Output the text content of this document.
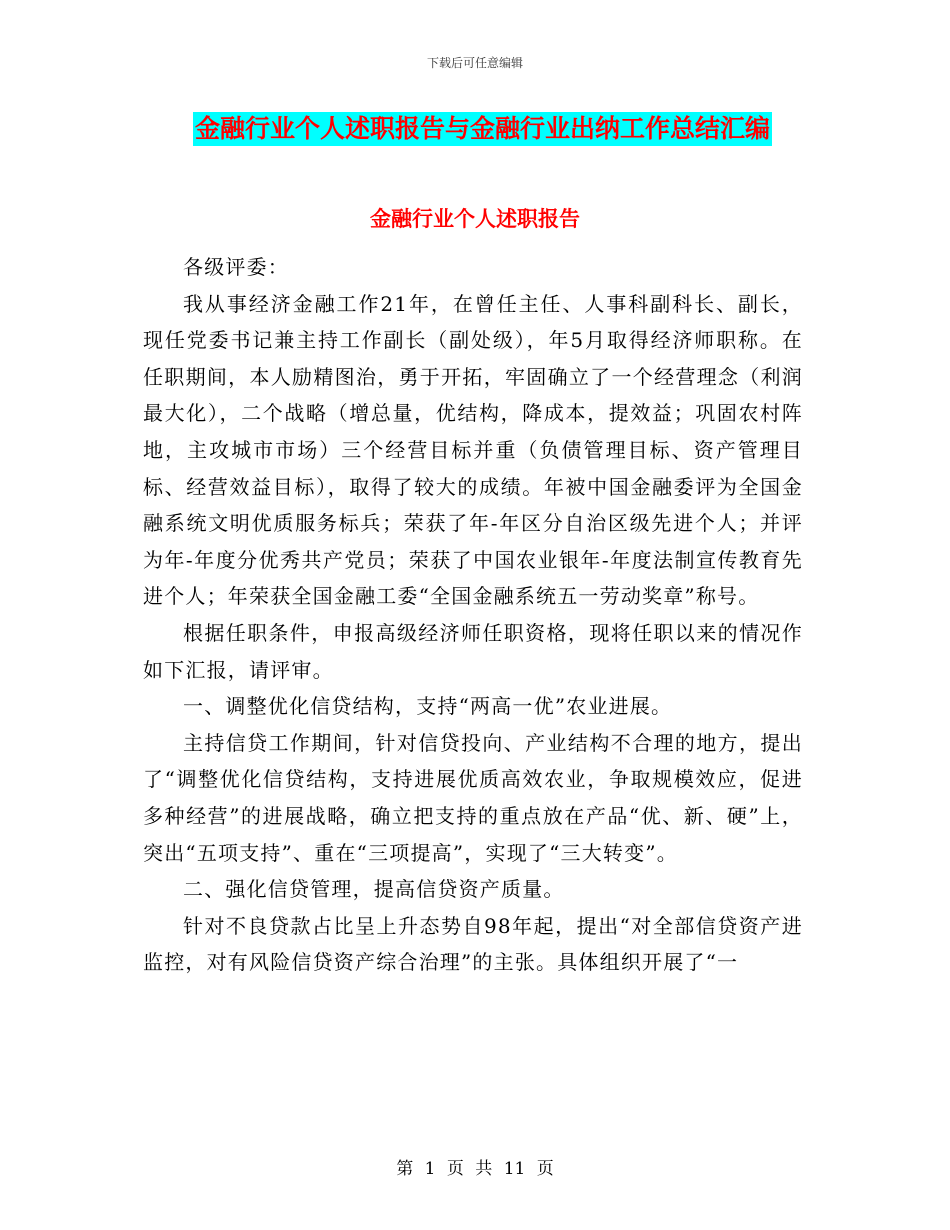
下载后可任意编辑
金融行业个人述职报告与金融行业出纳工作总结汇编
金融行业个人述职报告

各级评委：

我从事经济金融工作21年，在曾任主任、人事科副科长、副长，现任党委书记兼主持工作副长（副处级），年5月取得经济师职称。在任职期间，本人励精图治，勇于开拓，牢固确立了一个经营理念（利润最大化），二个战略（增总量，优结构，降成本，提效益；巩固农村阵地，主攻城市市场）三个经营目标并重（负债管理目标、资产管理目标、经营效益目标），取得了较大的成绩。年被中国金融委评为全国金融系统文明优质服务标兵；荣获了年-年区分自治区级先进个人；并评为年-年度分优秀共产党员；荣获了中国农业银年-年度法制宣传教育先进个人；年荣获全国金融工委“全国金融系统五一劳动奖章”称号。

根据任职条件，申报高级经济师任职资格，现将任职以来的情况作如下汇报，请评审。

一、调整优化信贷结构，支持“两高一优”农业进展。

主持信贷工作期间，针对信贷投向、产业结构不合理的地方，提出了“调整优化信贷结构，支持进展优质高效农业，争取规模效应，促进多种经营”的进展战略，确立把支持的重点放在产品“优、新、硬”上，突出“五项支持”、重在“三项提高”，实现了“三大转变”。

二、强化信贷管理，提高信贷资产质量。

针对不良贷款占比呈上升态势自98年起，提出“对全部信贷资产进监控，对有风险信贷资产综合治理”的主张。具体组织开展了“一

第 1 页 共 11 页
